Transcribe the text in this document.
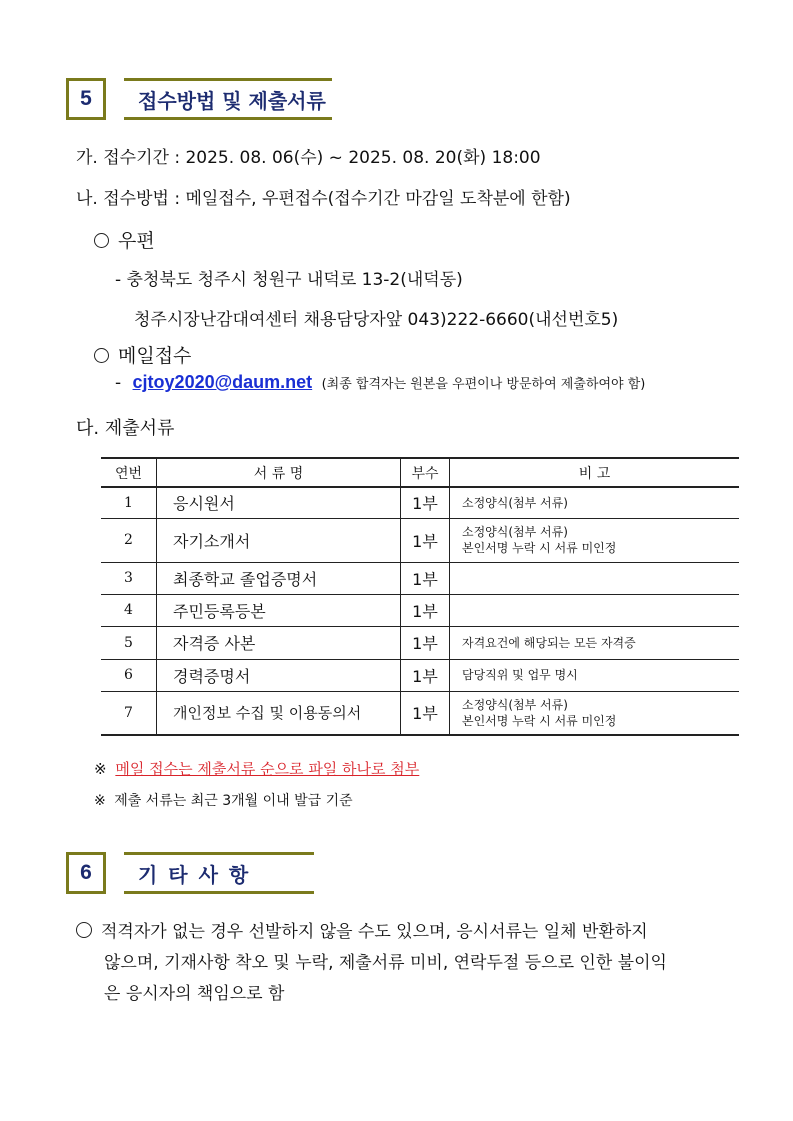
5	접수방법 및 제출서류
가. 접수기간 : 2025. 08. 06(수) ~ 2025. 08. 20(화) 18:00
나. 접수방법 : 메일접수, 우편접수(접수기간 마감일 도착분에 한함)
우편
- 충청북도 청주시 청원구 내덕로 13-2(내덕동)
청주시장난감대여센터 채용담당자앞 043)222-6660(내선번호5)
메일접수
- cjtoy2020@daum.net (최종 합격자는 원본을 우편이나 방문하여 제출하여야 함)
다. 제출서류
연번	서 류 명	부수	비 고
1	응시원서	1부	소정양식(첨부 서류)

2	자기소개서	1부	소정양식(첨부 서류)
본인서명 누락 시 서류 미인정

3	최종학교 졸업증명서	1부	
4	주민등록등본	1부	
5	자격증 사본	1부	자격요건에 해당되는 모든 자격증

6	경력증명서	1부	담당직위 및 업무 명시

7	개인정보 수집 및 이용동의서	1부	소정양식(첨부 서류)
본인서명 누락 시 서류 미인정
※ 메일 접수는 제출서류 순으로 파일 하나로 첨부
※ 제출 서류는 최근 3개월 이내 발급 기준
6	기 타 사 항
적격자가 없는 경우 선발하지 않을 수도 있으며, 응시서류는 일체 반환하지
않으며, 기재사항 착오 및 누락, 제출서류 미비, 연락두절 등으로 인한 불이익
은 응시자의 책임으로 함
